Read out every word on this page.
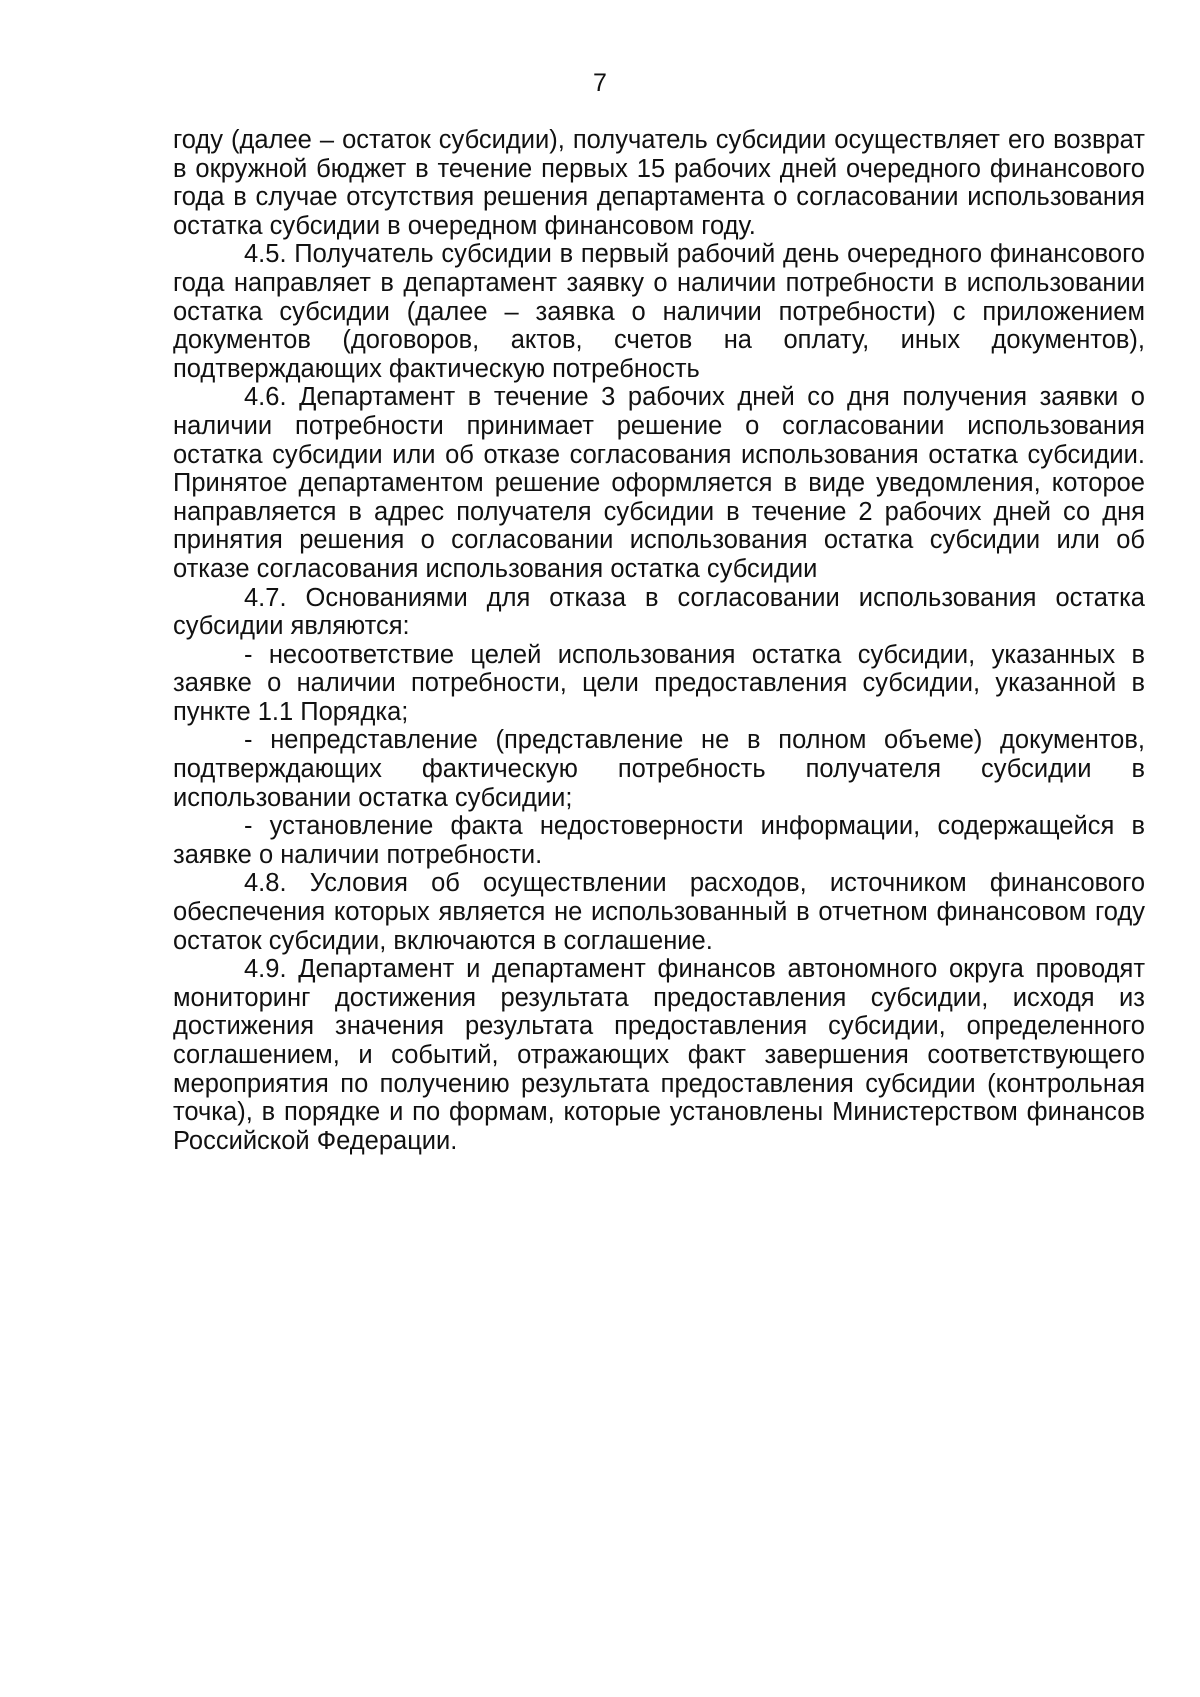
7

году (далее – остаток субсидии), получатель субсидии осуществляет его возврат в окружной бюджет в течение первых 15 рабочих дней очередного финансового года в случае отсутствия решения департамента о согласовании использования остатка субсидии в очередном финансовом году.

4.5. Получатель субсидии в первый рабочий день очередного финансового года направляет в департамент заявку о наличии потребности в использовании остатка субсидии (далее – заявка о наличии потребности) с приложением документов (договоров, актов, счетов на оплату, иных документов), подтверждающих фактическую потребность

4.6. Департамент в течение 3 рабочих дней со дня получения заявки о наличии потребности принимает решение о согласовании использования остатка субсидии или об отказе согласования использования остатка субсидии. Принятое департаментом решение оформляется в виде уведомления, которое направляется в адрес получателя субсидии в течение 2 рабочих дней со дня принятия решения о согласовании использования остатка субсидии или об отказе согласования использования остатка субсидии

4.7. Основаниями для отказа в согласовании использования остатка субсидии являются:

- несоответствие целей использования остатка субсидии, указанных в заявке о наличии потребности, цели предоставления субсидии, указанной в пункте 1.1 Порядка;

- непредставление (представление не в полном объеме) документов, подтверждающих фактическую потребность получателя субсидии в использовании остатка субсидии;

- установление факта недостоверности информации, содержащейся в заявке о наличии потребности.

4.8. Условия об осуществлении расходов, источником финансового обеспечения которых является не использованный в отчетном финансовом году остаток субсидии, включаются в соглашение.

4.9. Департамент и департамент финансов автономного округа проводят мониторинг достижения результата предоставления субсидии, исходя из достижения значения результата предоставления субсидии, определенного соглашением, и событий, отражающих факт завершения соответствующего мероприятия по получению результата предоставления субсидии (контрольная точка), в порядке и по формам, которые установлены Министерством финансов Российской Федерации.
